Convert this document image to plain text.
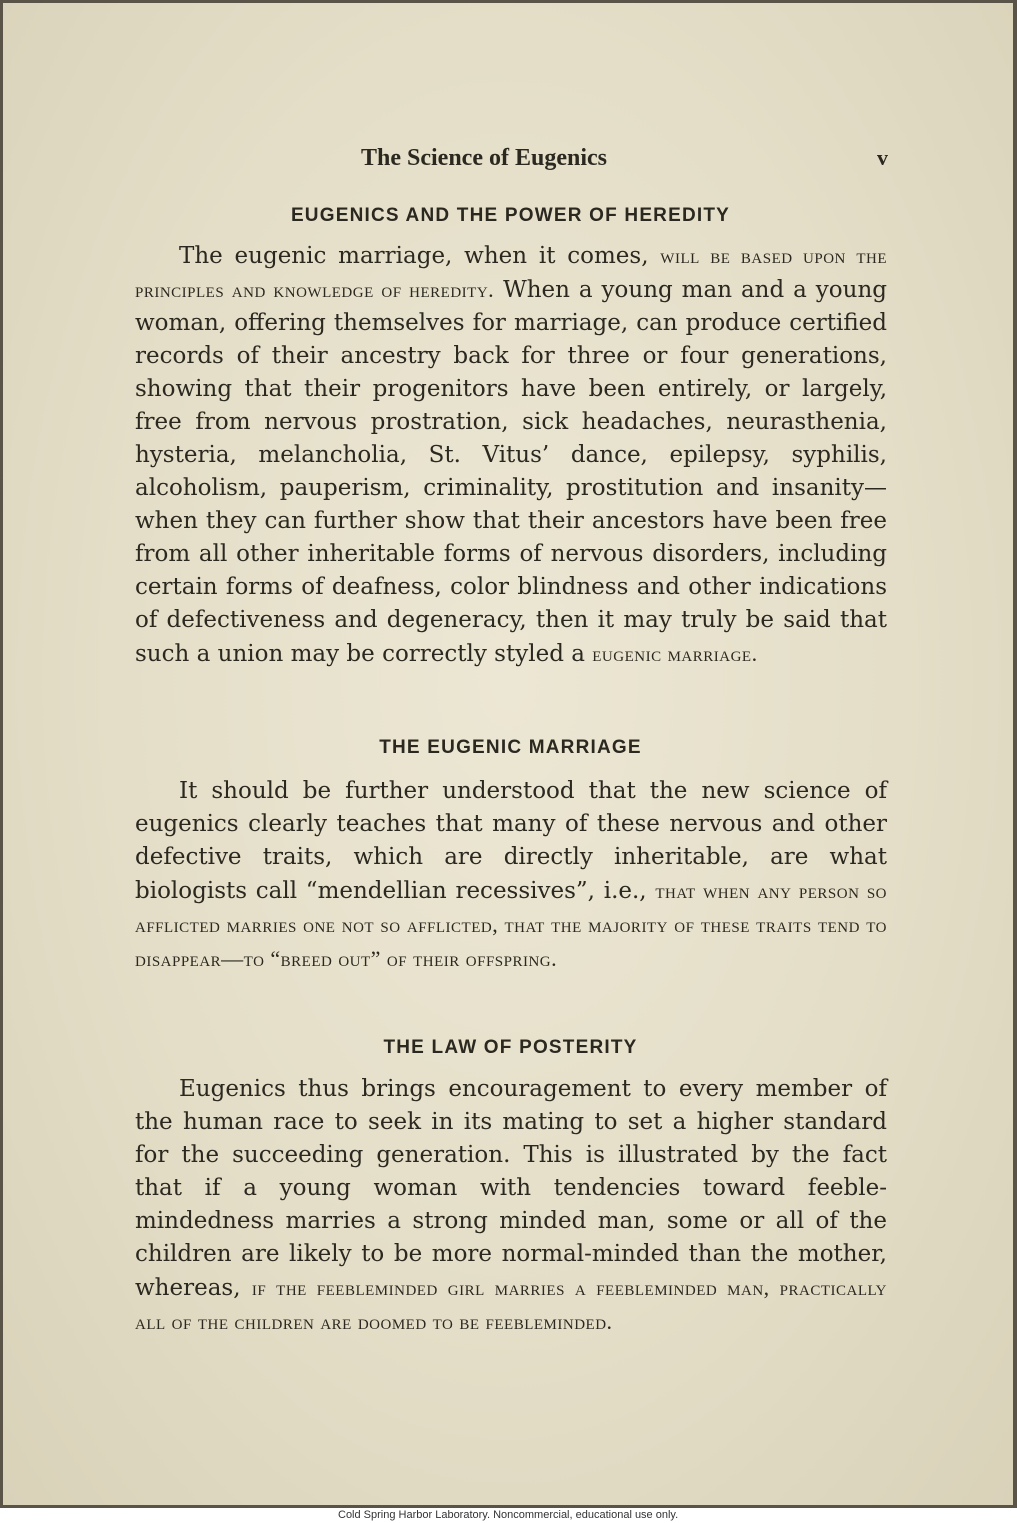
The Science of Eugenics	v
EUGENICS AND THE POWER OF HEREDITY

The eugenic marriage, when it comes, will be based upon the principles and knowledge of heredity. When a young man and a young woman, offering themselves for marriage, can produce certified records of their ancestry back for three or four generations, showing that their progenitors have been entirely, or largely, free from nervous prostration, sick headaches, neurasthenia, hysteria, melancholia, St. Vitus’ dance, epilepsy, syphilis, alcoholism, pauperism, criminality, prostitution and insanity—when they can further show that their ancestors have been free from all other inheritable forms of nervous disorders, including certain forms of deafness, color blindness and other indications of defectiveness and degeneracy, then it may truly be said that such a union may be correctly styled a eugenic marriage.

THE EUGENIC MARRIAGE

It should be further understood that the new science of eugenics clearly teaches that many of these nervous and other defective traits, which are directly inheritable, are what biologists call “mendellian recessives”, i.e., that when any person so afflicted marries one not so afflicted, that the majority of these traits tend to disappear—to “breed out” of their offspring.

THE LAW OF POSTERITY

Eugenics thus brings encouragement to every member of the human race to seek in its mating to set a higher standard for the succeeding generation. This is illustrated by the fact that if a young woman with tendencies toward feeble-mindedness marries a strong minded man, some or all of the children are likely to be more normal-minded than the mother, whereas, if the feebleminded girl marries a feebleminded man, practically all of the children are doomed to be feebleminded.

Cold Spring Harbor Laboratory. Noncommercial, educational use only.
